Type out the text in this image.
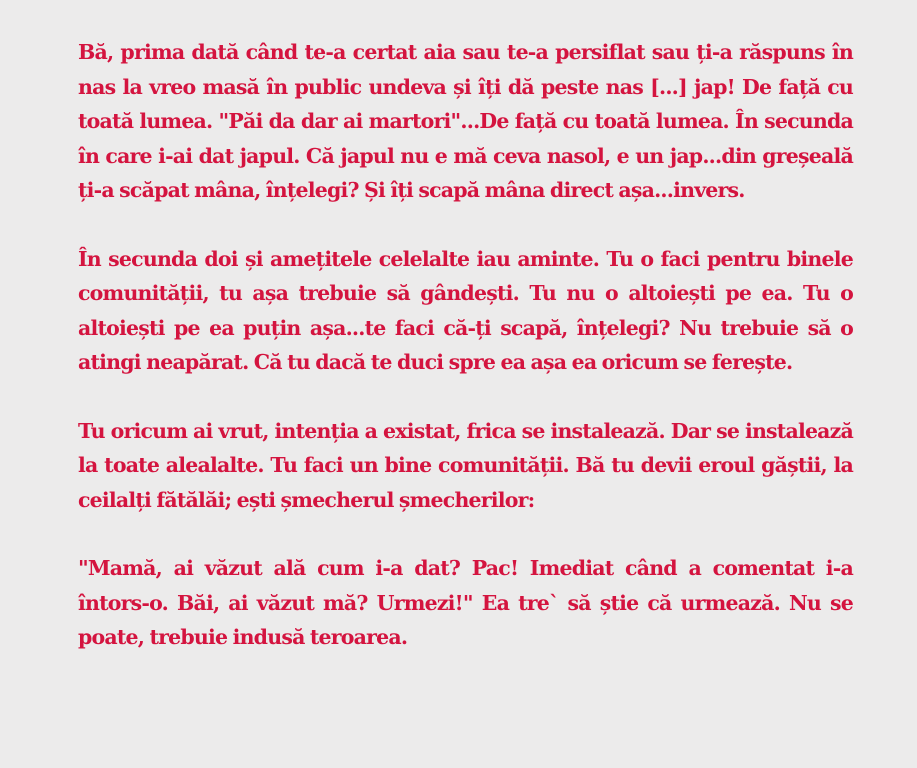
Bă, prima dată când te-a certat aia sau te-a persiflat sau ți-a răspuns în nas la vreo masă în public undeva și îți dă peste nas [...] jap! De față cu toată lumea. "Păi da dar ai martori"...De față cu toată lumea. În secunda în care i-ai dat japul. Că japul nu e mă ceva nasol, e un jap...din greșeală ți-a scăpat mâna, înțelegi? Și îți scapă mâna direct așa...invers.

În secunda doi și amețitele celelalte iau aminte. Tu o faci pentru binele comunității, tu așa trebuie să gândești. Tu nu o altoiești pe ea. Tu o altoiești pe ea puțin așa...te faci că-ți scapă, înțelegi? Nu trebuie să o atingi neapărat. Că tu dacă te duci spre ea așa ea oricum se ferește.

Tu oricum ai vrut, intenția a existat, frica se instalează. Dar se instalează la toate alealalte. Tu faci un bine comunității. Bă tu devii eroul găștii, la ceilalți fătălăi; ești șmecherul șmecherilor:

"Mamă, ai văzut ală cum i-a dat? Pac! Imediat când a comentat i-a întors-o. Băi, ai văzut mă? Urmezi!" Ea tre` să știe că urmează. Nu se poate, trebuie indusă teroarea.
